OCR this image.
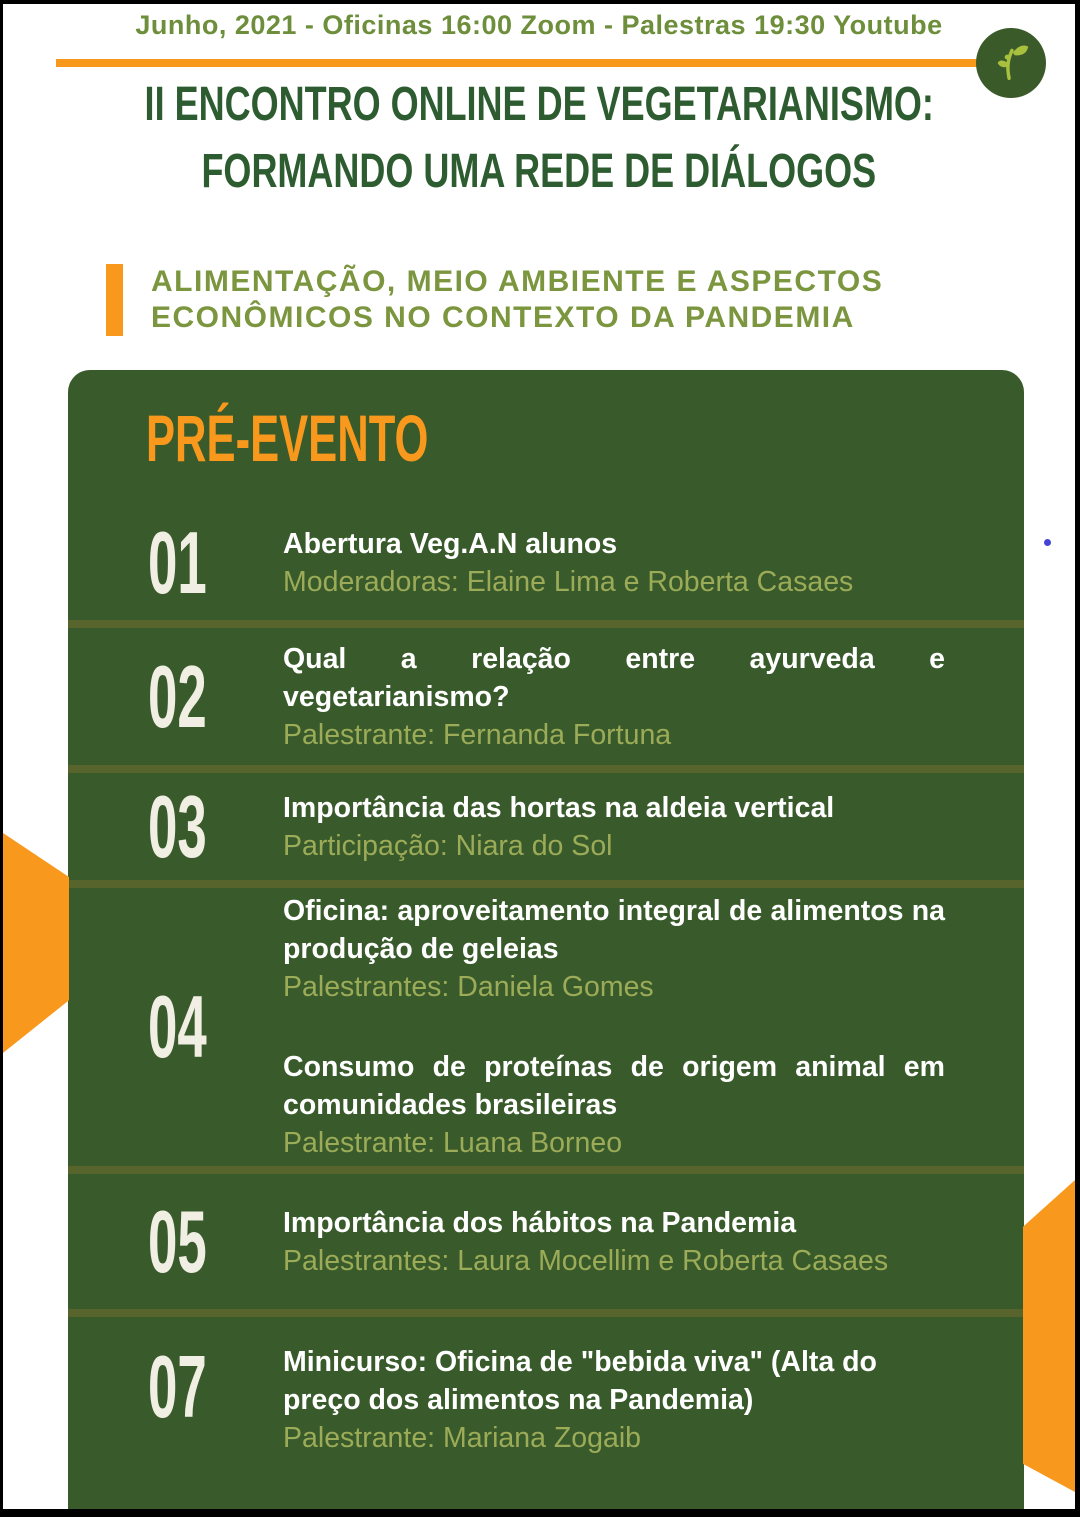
Junho, 2021 - Oficinas 16:00 Zoom - Palestras 19:30 Youtube
II ENCONTRO ONLINE DE VEGETARIANISMO:
FORMANDO UMA REDE DE DIÁLOGOS
ALIMENTAÇÃO, MEIO AMBIENTE E ASPECTOS
ECONÔMICOS NO CONTEXTO DA PANDEMIA
PRÉ-EVENTO
01	Abertura Veg.A.N alunos
Moderadoras: Elaine Lima e Roberta Casaes
02	Qual a relação entre ayurveda e vegetarianismo?
Palestrante: Fernanda Fortuna
03	Importância das hortas na aldeia vertical
Participação: Niara do Sol
04
Oficina: aproveitamento integral de alimentos na produção de geleias
Palestrantes: Daniela Gomes
Consumo de proteínas de origem animal em comunidades brasileiras
Palestrante: Luana Borneo
05	Importância dos hábitos na Pandemia
Palestrantes: Laura Mocellim e Roberta Casaes
07	Minicurso: Oficina de "bebida viva" (Alta do preço dos alimentos na Pandemia)
Palestrante: Mariana Zogaib
